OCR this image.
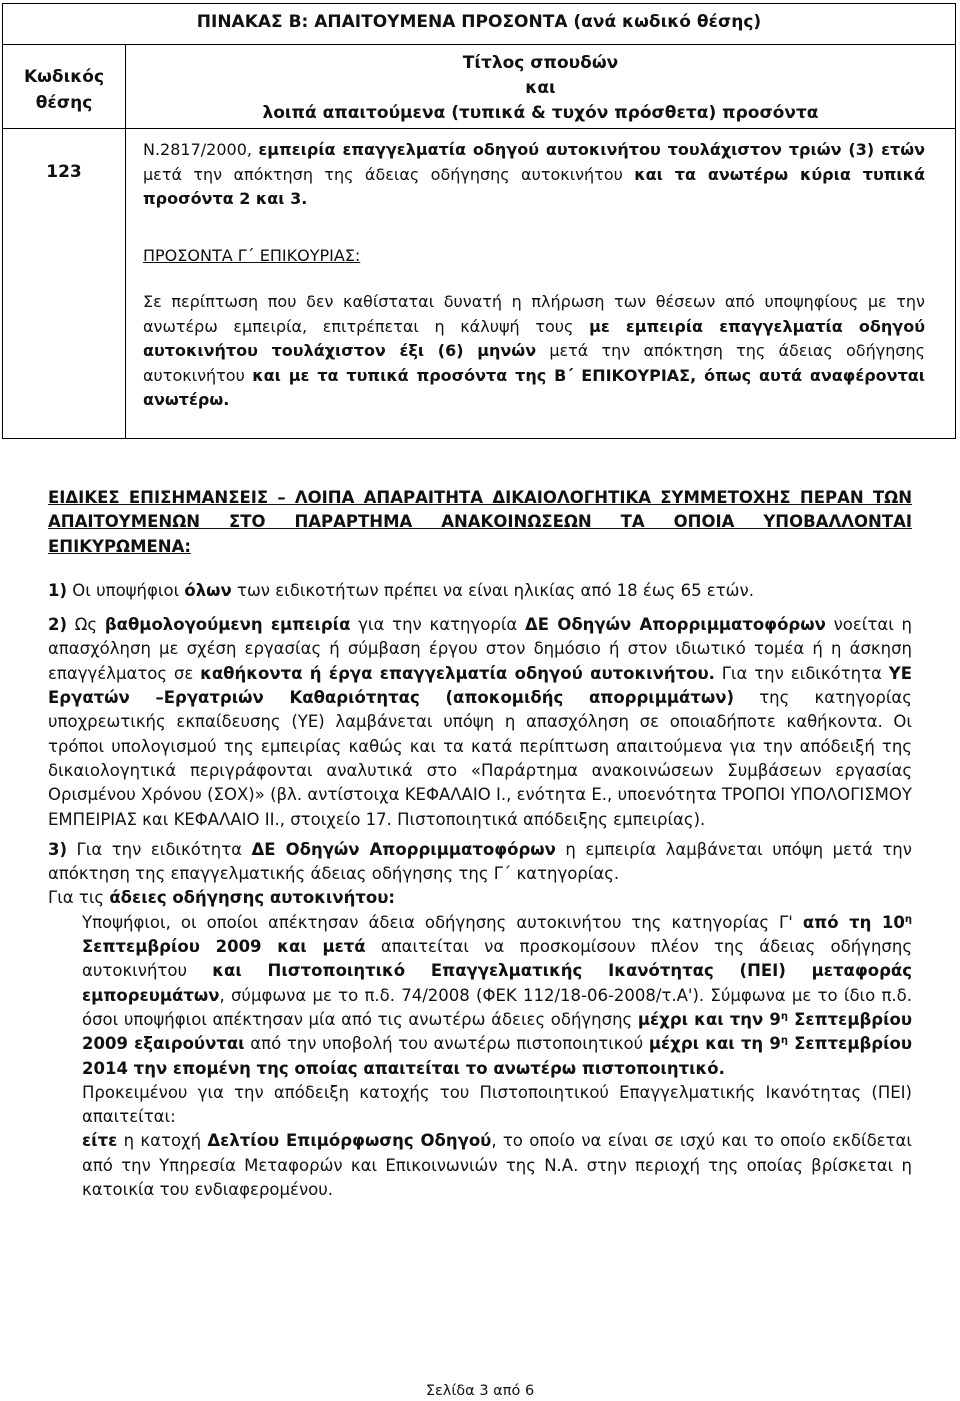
ΠΙΝΑΚΑΣ Β: ΑΠΑΙΤΟΥΜΕΝΑ ΠΡΟΣΟΝΤΑ (ανά κωδικό θέσης)
Κωδικός
θέσης
Τίτλος σπουδών
και
λοιπά απαιτούμενα (τυπικά & τυχόν πρόσθετα) προσόντα
123

Ν.2817/2000, εμπειρία επαγγελματία οδηγού αυτοκινήτου τουλάχιστον τριών (3) ετών μετά την απόκτηση της άδειας οδήγησης αυτοκινήτου και τα ανωτέρω κύρια τυπικά προσόντα 2 και 3.

ΠΡΟΣΟΝΤΑ Γ΄ ΕΠΙΚΟΥΡΙΑΣ:

Σε περίπτωση που δεν καθίσταται δυνατή η πλήρωση των θέσεων από υποψηφίους με την ανωτέρω εμπειρία, επιτρέπεται η κάλυψή τους με εμπειρία επαγγελματία οδηγού αυτοκινήτου τουλάχιστον έξι (6) μηνών μετά την απόκτηση της άδειας οδήγησης αυτοκινήτου και με τα τυπικά προσόντα της Β΄ ΕΠΙΚΟΥΡΙΑΣ, όπως αυτά αναφέρονται ανωτέρω.

ΕΙΔΙΚΕΣ ΕΠΙΣΗΜΑΝΣΕΙΣ – ΛΟΙΠΑ ΑΠΑΡΑΙΤΗΤΑ ΔΙΚΑΙΟΛΟΓΗΤΙΚΑ ΣΥΜΜΕΤΟΧΗΣ ΠΕΡΑΝ ΤΩΝ ΑΠΑΙΤΟΥΜΕΝΩΝ ΣΤΟ ΠΑΡΑΡΤΗΜΑ ΑΝΑΚΟΙΝΩΣΕΩΝ ΤΑ ΟΠΟΙΑ ΥΠΟΒΑΛΛΟΝΤΑΙ ΕΠΙΚΥΡΩΜΕΝΑ:

1) Οι υποψήφιοι όλων των ειδικοτήτων πρέπει να είναι ηλικίας από 18 έως 65 ετών.

2) Ως βαθμολογούμενη εμπειρία για την κατηγορία ΔΕ Οδηγών Απορριμματοφόρων νοείται η απασχόληση με σχέση εργασίας ή σύμβαση έργου στον δημόσιο ή στον ιδιωτικό τομέα ή η άσκηση επαγγέλματος σε καθήκοντα ή έργα επαγγελματία οδηγού αυτοκινήτου. Για την ειδικότητα ΥΕ Εργατών –Εργατριών Καθαριότητας (αποκομιδής απορριμμάτων) της κατηγορίας υποχρεωτικής εκπαίδευσης (ΥΕ) λαμβάνεται υπόψη η απασχόληση σε οποιαδήποτε καθήκοντα. Οι τρόποι υπολογισμού της εμπειρίας καθώς και τα κατά περίπτωση απαιτούμενα για την απόδειξή της δικαιολογητικά περιγράφονται αναλυτικά στο «Παράρτημα ανακοινώσεων Συμβάσεων εργασίας Ορισμένου Χρόνου (ΣΟΧ)» (βλ. αντίστοιχα ΚΕΦΑΛΑΙΟ Ι., ενότητα Ε., υποενότητα ΤΡΟΠΟΙ ΥΠΟΛΟΓΙΣΜΟΥ ΕΜΠΕΙΡΙΑΣ και ΚΕΦΑΛΑΙΟ ΙΙ., στοιχείο 17. Πιστοποιητικά απόδειξης εμπειρίας).

3) Για την ειδικότητα ΔΕ Οδηγών Απορριμματοφόρων η εμπειρία λαμβάνεται υπόψη μετά την απόκτηση της επαγγελματικής άδειας οδήγησης της Γ΄ κατηγορίας.

Για τις άδειες οδήγησης αυτοκινήτου:

Υποψήφιοι, οι οποίοι απέκτησαν άδεια οδήγησης αυτοκινήτου της κατηγορίας Γ' από τη $10^\eta$ Σεπτεμβρίου 2009 και μετά απαιτείται να προσκομίσουν πλέον της άδειας οδήγησης αυτοκινήτου και Πιστοποιητικό Επαγγελματικής Ικανότητας (ΠΕΙ) μεταφοράς εμπορευμάτων, σύμφωνα με το π.δ. 74/2008 (ΦΕΚ 112/18-06-2008/τ.Α'). Σύμφωνα με το ίδιο π.δ. όσοι υποψήφιοι απέκτησαν μία από τις ανωτέρω άδειες οδήγησης μέχρι και την $9^\eta$ Σεπτεμβρίου 2009 εξαιρούνται από την υποβολή του ανωτέρω πιστοποιητικού μέχρι και τη $9^\eta$ Σεπτεμβρίου 2014 την επομένη της οποίας απαιτείται το ανωτέρω πιστοποιητικό.

Προκειμένου για την απόδειξη κατοχής του Πιστοποιητικού Επαγγελματικής Ικανότητας (ΠΕΙ) απαιτείται:

είτε η κατοχή Δελτίου Επιμόρφωσης Οδηγού, το οποίο να είναι σε ισχύ και το οποίο εκδίδεται από την Υπηρεσία Μεταφορών και Επικοινωνιών της Ν.Α. στην περιοχή της οποίας βρίσκεται η κατοικία του ενδιαφερομένου.

Σελίδα 3 από 6
